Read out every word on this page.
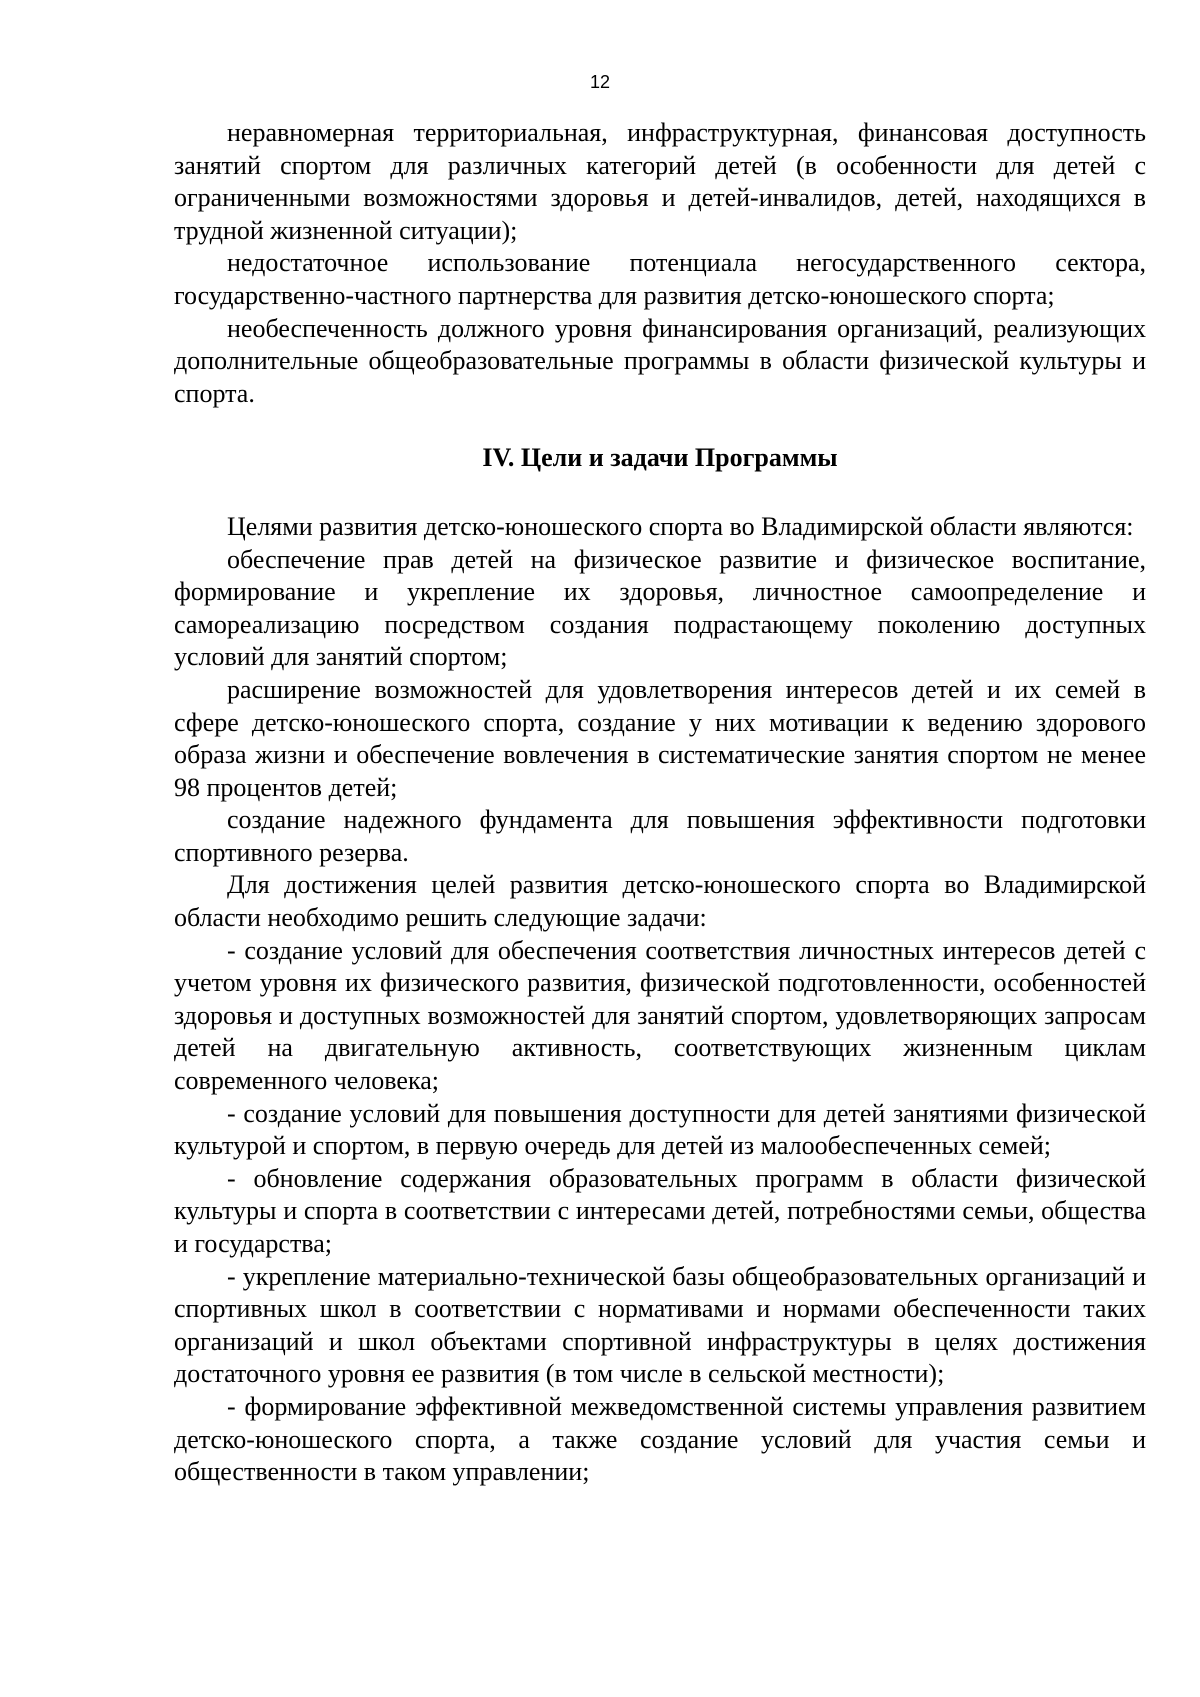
12

неравномерная территориальная, инфраструктурная, финансовая доступность занятий спортом для различных категорий детей (в особенности для детей с ограниченными возможностями здоровья и детей-инвалидов, детей, находящихся в трудной жизненной ситуации);

недостаточное использование потенциала негосударственного сектора, государственно-частного партнерства для развития детско-юношеского спорта;

необеспеченность должного уровня финансирования организаций, реализующих дополнительные общеобразовательные программы в области физической культуры и спорта.

IV. Цели и задачи Программы

Целями развития детско-юношеского спорта во Владимирской области являются:

обеспечение прав детей на физическое развитие и физическое воспитание, формирование и укрепление их здоровья, личностное самоопределение и самореализацию посредством создания подрастающему поколению доступных условий для занятий спортом;

расширение возможностей для удовлетворения интересов детей и их семей в сфере детско-юношеского спорта, создание у них мотивации к ведению здорового образа жизни и обеспечение вовлечения в систематические занятия спортом не менее 98 процентов детей;

создание надежного фундамента для повышения эффективности подготовки спортивного резерва.

Для достижения целей развития детско-юношеского спорта во Владимирской области необходимо решить следующие задачи:

- создание условий для обеспечения соответствия личностных интересов детей с учетом уровня их физического развития, физической подготовленности, особенностей здоровья и доступных возможностей для занятий спортом, удовлетворяющих запросам детей на двигательную активность, соответствующих жизненным циклам современного человека;

- создание условий для повышения доступности для детей занятиями физической культурой и спортом, в первую очередь для детей из малообеспеченных семей;

- обновление содержания образовательных программ в области физической культуры и спорта в соответствии с интересами детей, потребностями семьи, общества и государства;

- укрепление материально-технической базы общеобразовательных организаций и спортивных школ в соответствии с нормативами и нормами обеспеченности таких организаций и школ объектами спортивной инфраструктуры в целях достижения достаточного уровня ее развития (в том числе в сельской местности);

- формирование эффективной межведомственной системы управления развитием детско-юношеского спорта, а также создание условий для участия семьи и общественности в таком управлении;
